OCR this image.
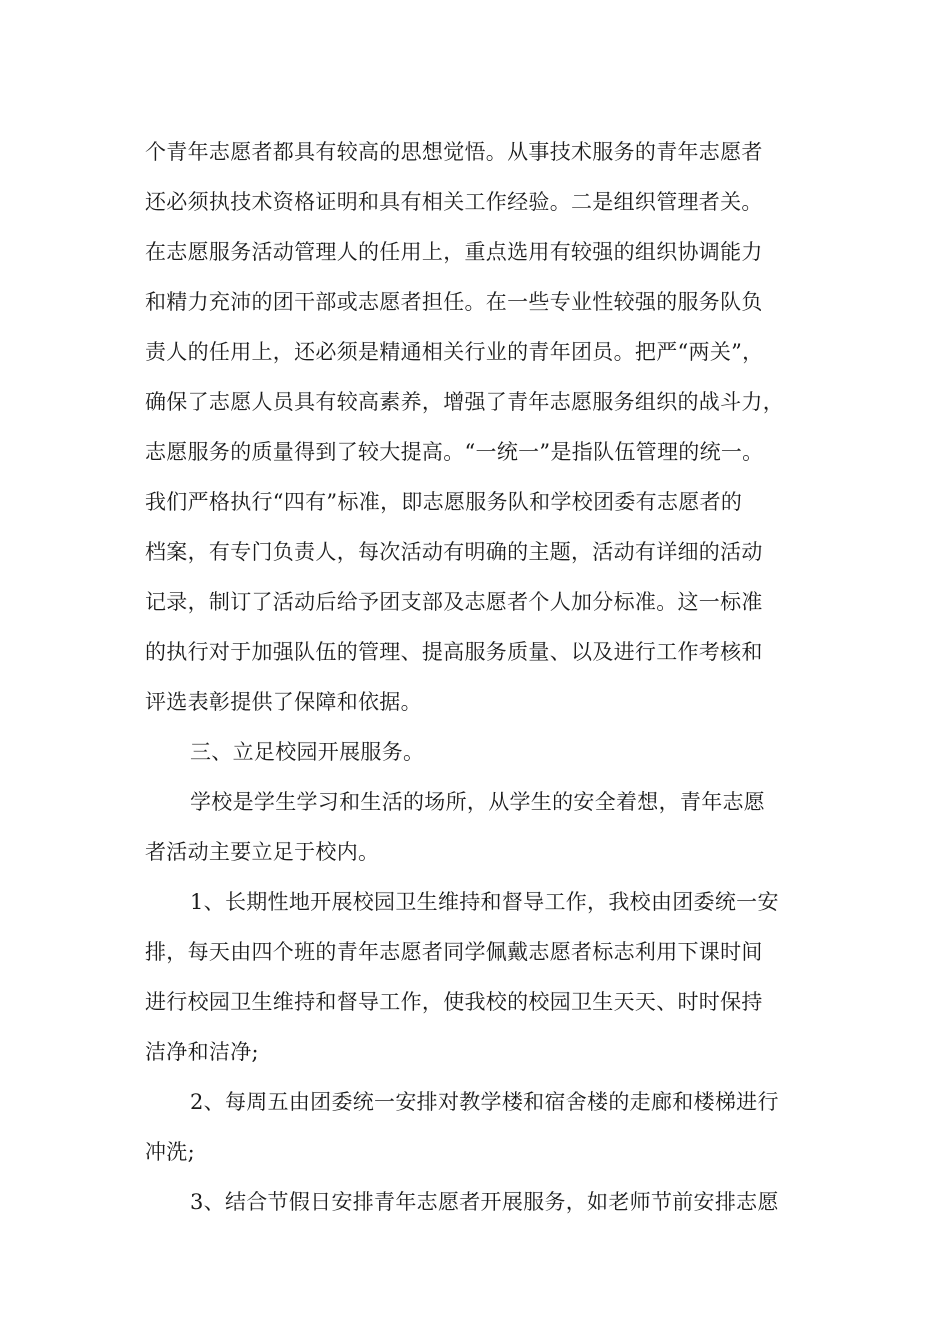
个青年志愿者都具有较高的思想觉悟。从事技术服务的青年志愿者
还必须执技术资格证明和具有相关工作经验。二是组织管理者关。
在志愿服务活动管理人的任用上，重点选用有较强的组织协调能力
和精力充沛的团干部或志愿者担任。在一些专业性较强的服务队负
责人的任用上，还必须是精通相关行业的青年团员。把严“两关”，
确保了志愿人员具有较高素养，增强了青年志愿服务组织的战斗力，
志愿服务的质量得到了较大提高。“一统一”是指队伍管理的统一。
我们严格执行“四有”标准，即志愿服务队和学校团委有志愿者的
档案，有专门负责人，每次活动有明确的主题，活动有详细的活动
记录，制订了活动后给予团支部及志愿者个人加分标准。这一标准
的执行对于加强队伍的管理、提高服务质量、以及进行工作考核和
评选表彰提供了保障和依据。
三、立足校园开展服务。
学校是学生学习和生活的场所，从学生的安全着想，青年志愿
者活动主要立足于校内。
1、长期性地开展校园卫生维持和督导工作，我校由团委统一安
排，每天由四个班的青年志愿者同学佩戴志愿者标志利用下课时间
进行校园卫生维持和督导工作，使我校的校园卫生天天、时时保持
洁净和洁净;
2、每周五由团委统一安排对教学楼和宿舍楼的走廊和楼梯进行
冲洗;
3、结合节假日安排青年志愿者开展服务，如老师节前安排志愿
